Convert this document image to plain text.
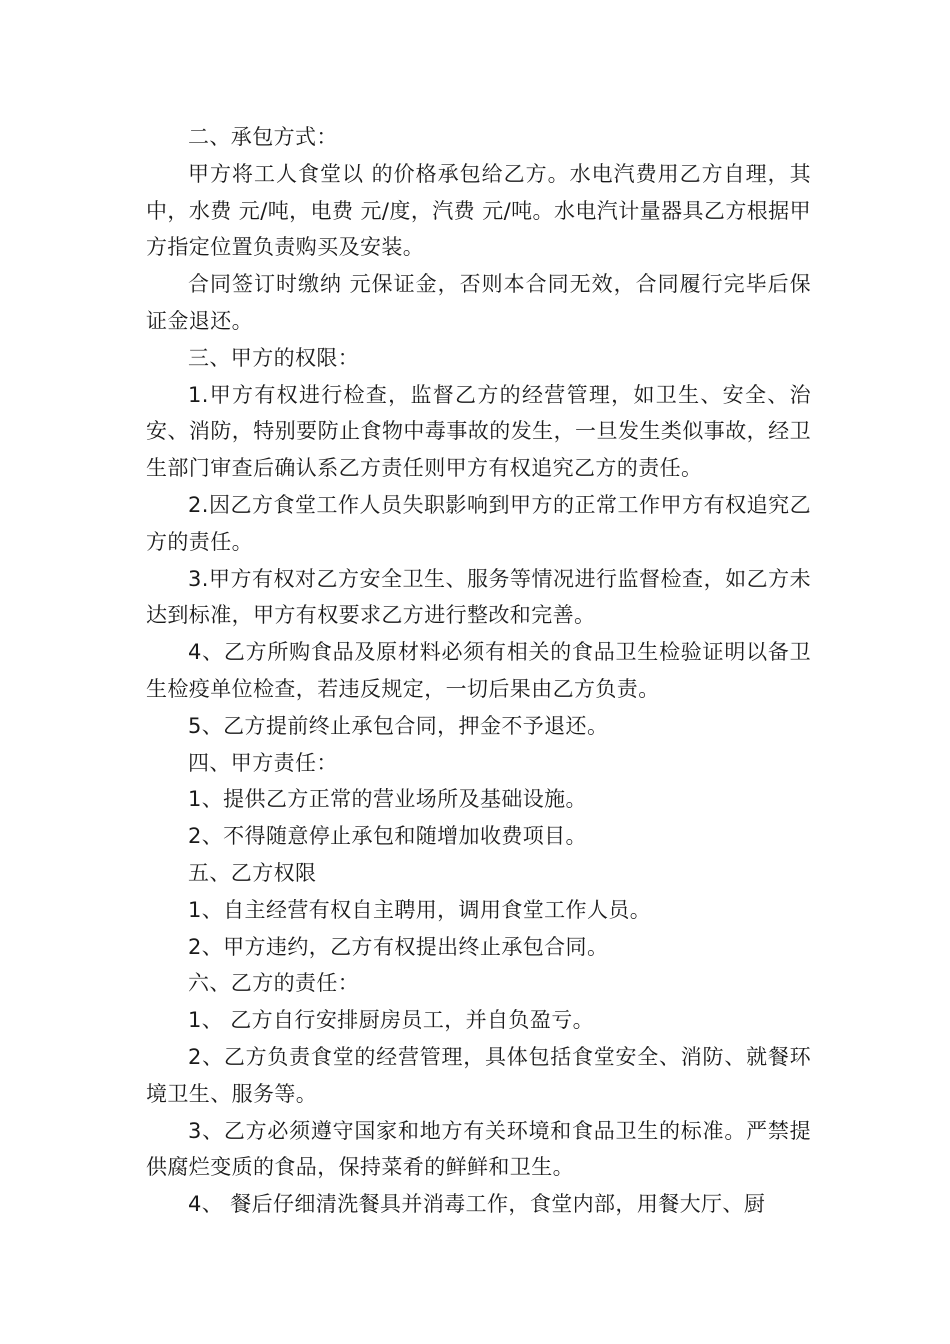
二、承包方式：

甲方将工人食堂以 的价格承包给乙方。水电汽费用乙方自理，其中，水费 元/吨，电费 元/度，汽费 元/吨。水电汽计量器具乙方根据甲方指定位置负责购买及安装。

合同签订时缴纳 元保证金，否则本合同无效，合同履行完毕后保证金退还。

三、甲方的权限：

1.甲方有权进行检查，监督乙方的经营管理，如卫生、安全、治安、消防，特别要防止食物中毒事故的发生，一旦发生类似事故，经卫生部门审查后确认系乙方责任则甲方有权追究乙方的责任。

2.因乙方食堂工作人员失职影响到甲方的正常工作甲方有权追究乙方的责任。

3.甲方有权对乙方安全卫生、服务等情况进行监督检查，如乙方未达到标准，甲方有权要求乙方进行整改和完善。

4、乙方所购食品及原材料必须有相关的食品卫生检验证明以备卫生检疫单位检查，若违反规定，一切后果由乙方负责。

5、乙方提前终止承包合同，押金不予退还。

四、甲方责任：

1、提供乙方正常的营业场所及基础设施。

2、不得随意停止承包和随增加收费项目。

五、乙方权限

1、自主经营有权自主聘用，调用食堂工作人员。

2、甲方违约，乙方有权提出终止承包合同。

六、乙方的责任：

1、 乙方自行安排厨房员工，并自负盈亏。

2、乙方负责食堂的经营管理，具体包括食堂安全、消防、就餐环境卫生、服务等。

3、乙方必须遵守国家和地方有关环境和食品卫生的标准。严禁提供腐烂变质的食品，保持菜肴的鲜鲜和卫生。

4、 餐后仔细清洗餐具并消毒工作，食堂内部，用餐大厅、厨
